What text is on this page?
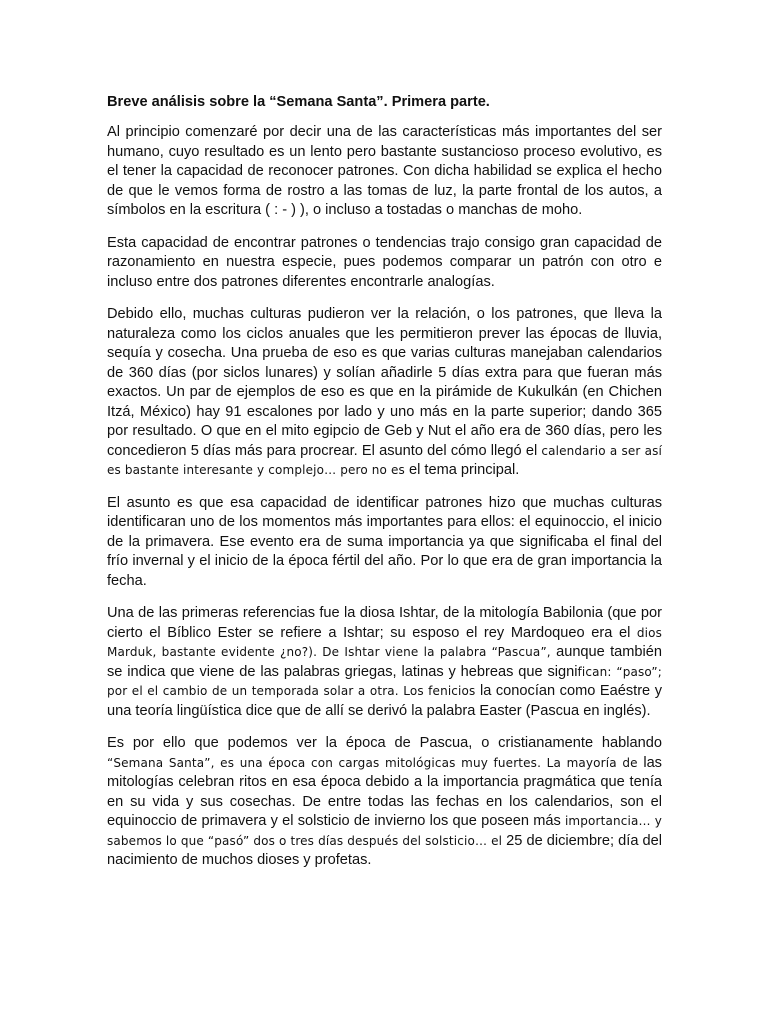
Breve análisis sobre la “Semana Santa”. Primera parte.

Al principio comenzaré por decir una de las características más importantes del ser humano, cuyo resultado es un lento pero bastante sustancioso proceso evolutivo, es el tener la capacidad de reconocer patrones. Con dicha habilidad se explica el hecho de que le vemos forma de rostro a las tomas de luz, la parte frontal de los autos, a símbolos en la escritura ( : - ) ), o incluso a tostadas o manchas de moho.

Esta capacidad de encontrar patrones o tendencias trajo consigo gran capacidad de razonamiento en nuestra especie, pues podemos comparar un patrón con otro e incluso entre dos patrones diferentes encontrarle analogías.

Debido ello, muchas culturas pudieron ver la relación, o los patrones, que lleva la naturaleza como los ciclos anuales que les permitieron prever las épocas de lluvia, sequía y cosecha. Una prueba de eso es que varias culturas manejaban calendarios de 360 días (por siclos lunares) y solían añadirle 5 días extra para que fueran más exactos. Un par de ejemplos de eso es que en la pirámide de Kukulkán (en Chichen Itzá, México) hay 91 escalones por lado y uno más en la parte superior; dando 365 por resultado. O que en el mito egipcio de Geb y Nut el año era de 360 días, pero les concedieron 5 días más para procrear. El asunto del cómo llegó el calendario a ser así es bastante interesante y complejo… pero no es el tema principal.

El asunto es que esa capacidad de identificar patrones hizo que muchas culturas identificaran uno de los momentos más importantes para ellos: el equinoccio, el inicio de la primavera. Ese evento era de suma importancia ya que significaba el final del frío invernal y el inicio de la época fértil del año. Por lo que era de gran importancia la fecha.

Una de las primeras referencias fue la diosa Ishtar, de la mitología Babilonia (que por cierto el Bíblico Ester se refiere a Ishtar; su esposo el rey Mardoqueo era el dios Marduk, bastante evidente ¿no?). De Ishtar viene la palabra “Pascua”, aunque también se indica que viene de las palabras griegas, latinas y hebreas que significan: “paso”; por el el cambio de un temporada solar a otra. Los fenicios la conocían como Eaéstre y una teoría lingüística dice que de allí se derivó la palabra Easter (Pascua en inglés).

Es por ello que podemos ver la época de Pascua, o cristianamente hablando “Semana Santa”, es una época con cargas mitológicas muy fuertes. La mayoría de las mitologías celebran ritos en esa época debido a la importancia pragmática que tenía en su vida y sus cosechas. De entre todas las fechas en los calendarios, son el equinoccio de primavera y el solsticio de invierno los que poseen más importancia… y sabemos lo que “pasó” dos o tres días después del solsticio… el 25 de diciembre; día del nacimiento de muchos dioses y profetas.
